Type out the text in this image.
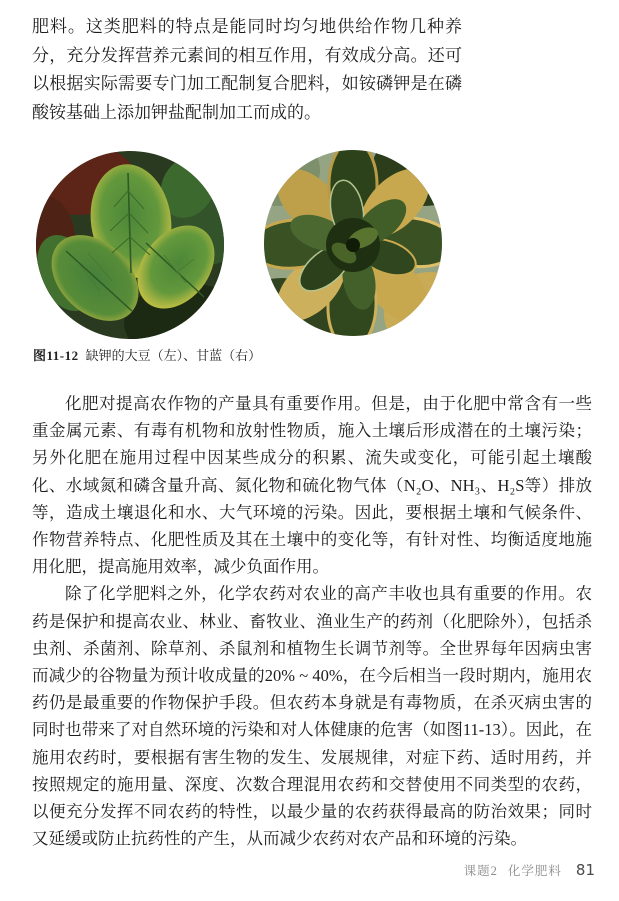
肥料。这类肥料的特点是能同时均匀地供给作物几种养分，充分发挥营养元素间的相互作用，有效成分高。还可以根据实际需要专门加工配制复合肥料，如铵磷钾是在磷酸铵基础上添加钾盐配制加工而成的。
图11-12 缺钾的大豆（左）、甘蓝（右）

化肥对提高农作物的产量具有重要作用。但是，由于化肥中常含有一些重金属元素、有毒有机物和放射性物质，施入土壤后形成潜在的土壤污染；另外化肥在施用过程中因某些成分的积累、流失或变化，可能引起土壤酸化、水域氮和磷含量升高、氮化物和硫化物气体（N₂O、NH₃、H₂S等）排放等，造成土壤退化和水、大气环境的污染。因此，要根据土壤和气候条件、作物营养特点、化肥性质及其在土壤中的变化等，有针对性、均衡适度地施用化肥，提高施用效率，减少负面作用。

除了化学肥料之外，化学农药对农业的高产丰收也具有重要的作用。农药是保护和提高农业、林业、畜牧业、渔业生产的药剂（化肥除外），包括杀虫剂、杀菌剂、除草剂、杀鼠剂和植物生长调节剂等。全世界每年因病虫害而减少的谷物量为预计收成量的20% ~ 40%，在今后相当一段时期内，施用农药仍是最重要的作物保护手段。但农药本身就是有毒物质，在杀灭病虫害的同时也带来了对自然环境的污染和对人体健康的危害（如图11-13）。因此，在施用农药时，要根据有害生物的发生、发展规律，对症下药、适时用药，并按照规定的施用量、深度、次数合理混用农药和交替使用不同类型的农药，以便充分发挥不同农药的特性，以最少量的农药获得最高的防治效果；同时又延缓或防止抗药性的产生，从而减少农药对农产品和环境的污染。

课题2 化学肥料 81
